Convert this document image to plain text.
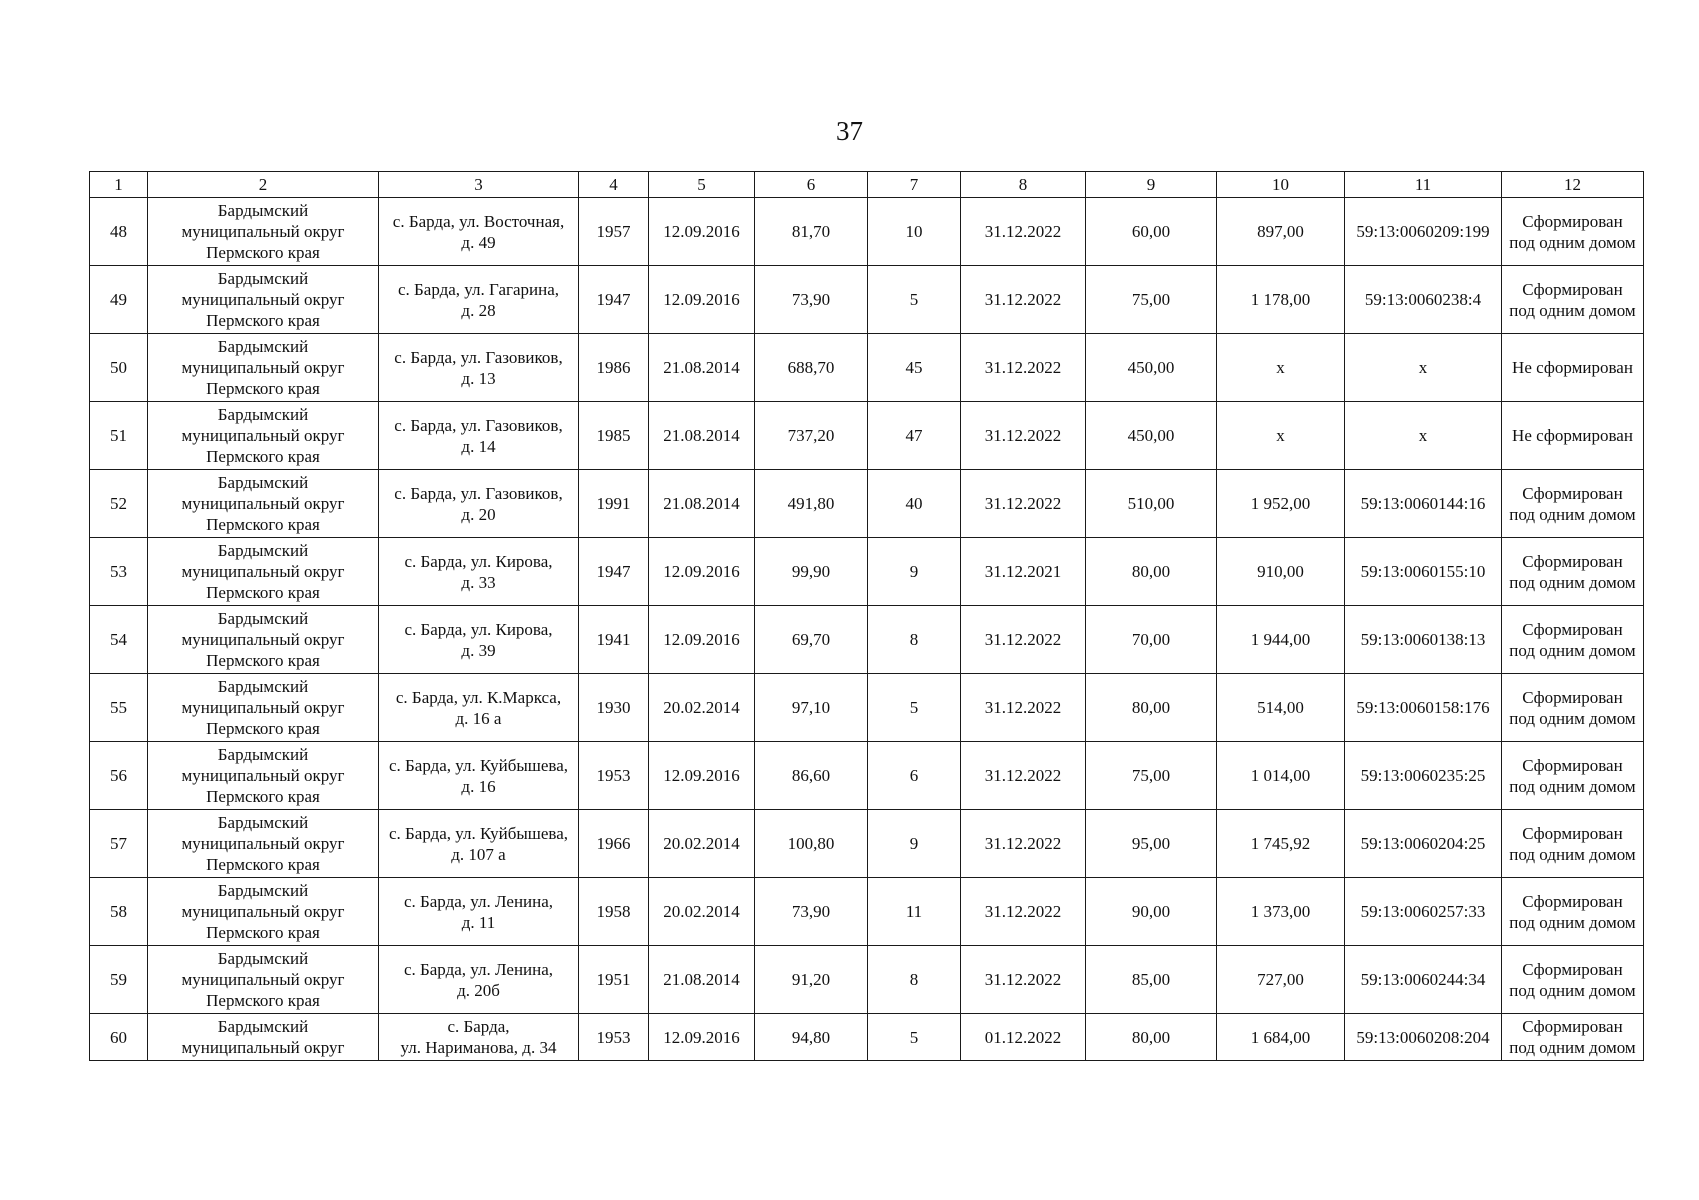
37
1	2	3	4	5	6	7	8	9	10	11	12
48	Бардымский
муниципальный округ
Пермского края	с. Барда, ул. Восточная,
д. 49	1957	12.09.2016	81,70	10	31.12.2022	60,00	897,00	59:13:0060209:199	Сформирован
под одним домом

49	Бардымский
муниципальный округ
Пермского края	с. Барда, ул. Гагарина,
д. 28	1947	12.09.2016	73,90	5	31.12.2022	75,00	1 178,00	59:13:0060238:4	Сформирован
под одним домом

50	Бардымский
муниципальный округ
Пермского края	с. Барда, ул. Газовиков,
д. 13	1986	21.08.2014	688,70	45	31.12.2022	450,00	х	х	Не сформирован

51	Бардымский
муниципальный округ
Пермского края	с. Барда, ул. Газовиков,
д. 14	1985	21.08.2014	737,20	47	31.12.2022	450,00	х	х	Не сформирован

52	Бардымский
муниципальный округ
Пермского края	с. Барда, ул. Газовиков,
д. 20	1991	21.08.2014	491,80	40	31.12.2022	510,00	1 952,00	59:13:0060144:16	Сформирован
под одним домом

53	Бардымский
муниципальный округ
Пермского края	с. Барда, ул. Кирова,
д. 33	1947	12.09.2016	99,90	9	31.12.2021	80,00	910,00	59:13:0060155:10	Сформирован
под одним домом

54	Бардымский
муниципальный округ
Пермского края	с. Барда, ул. Кирова,
д. 39	1941	12.09.2016	69,70	8	31.12.2022	70,00	1 944,00	59:13:0060138:13	Сформирован
под одним домом

55	Бардымский
муниципальный округ
Пермского края	с. Барда, ул. К.Маркса,
д. 16 а	1930	20.02.2014	97,10	5	31.12.2022	80,00	514,00	59:13:0060158:176	Сформирован
под одним домом

56	Бардымский
муниципальный округ
Пермского края	с. Барда, ул. Куйбышева,
д. 16	1953	12.09.2016	86,60	6	31.12.2022	75,00	1 014,00	59:13:0060235:25	Сформирован
под одним домом

57	Бардымский
муниципальный округ
Пермского края	с. Барда, ул. Куйбышева,
д. 107 а	1966	20.02.2014	100,80	9	31.12.2022	95,00	1 745,92	59:13:0060204:25	Сформирован
под одним домом

58	Бардымский
муниципальный округ
Пермского края	с. Барда, ул. Ленина,
д. 11	1958	20.02.2014	73,90	11	31.12.2022	90,00	1 373,00	59:13:0060257:33	Сформирован
под одним домом

59	Бардымский
муниципальный округ
Пермского края	с. Барда, ул. Ленина,
д. 20б	1951	21.08.2014	91,20	8	31.12.2022	85,00	727,00	59:13:0060244:34	Сформирован
под одним домом

60	Бардымский
муниципальный округ	с. Барда,
ул. Нариманова, д. 34	1953	12.09.2016	94,80	5	01.12.2022	80,00	1 684,00	59:13:0060208:204	Сформирован
под одним домом
